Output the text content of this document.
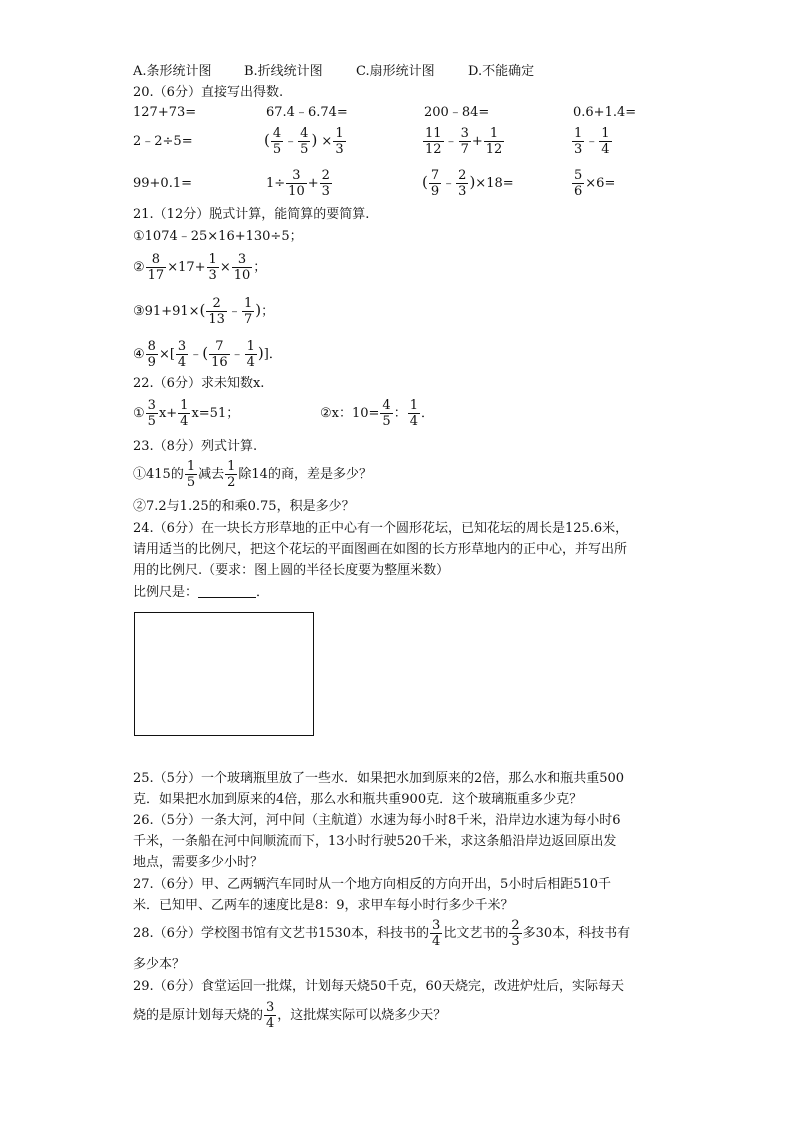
A.条形统计图 B.折线统计图	C.扇形统计图	D.不能确定
20.（6分）直接写出得数.
127+73=	67.4﹣6.74=	200﹣84=	0.6+1.4=
2﹣2÷5=	( $\frac{4}{5}$ ﹣ $\frac{4}{5}$ ) × $\frac{1}{3}$	$\frac{11}{12}$ ﹣ $\frac{3}{7} + \frac{1}{12}$	$\frac{1}{3}$ ﹣ $\frac{1}{4}$
99+0.1=	$1\div \frac{3}{10} + \frac{2}{3}$	( $\frac{7}{9}$ ﹣ $\frac{2}{3} )\times 18=$	$\frac{5}{6} \times 6=$
21.（12分）脱式计算，能简算的要简算.
①1074﹣25×16+130÷5；
② $\frac{8}{17} \times 17+ \frac{1}{3} \times \frac{3}{10}$ ；
③91+91×( $\frac{2}{13}$ ﹣ $\frac{1}{7}$ )；
④ $\frac{8}{9}$ ×[ $\frac{3}{4}$ ﹣( $\frac{7}{16}$ ﹣ $\frac{1}{4}$ )]．
22.（6分）求未知数x.
① $\frac{3}{5} x+ \frac{1}{4} x=51$；	②x：$10= \frac{4}{5}$ ： $\frac{1}{4}$ ．
23.（8分）列式计算.
①415的 $\frac{1}{5}$ 减去 $\frac{1}{2}$ 除14的商，差是多少？
②7.2与1.25的和乘0.75，积是多少？
24.（6分）在一块长方形草地的正中心有一个圆形花坛，已知花坛的周长是125.6米，
请用适当的比例尺，把这个花坛的平面图画在如图的长方形草地内的正中心，并写出所
用的比例尺.（要求：图上圆的半径长度要为整厘米数）
比例尺是：	．
25.（5分）一个玻璃瓶里放了一些水．如果把水加到原来的2倍，那么水和瓶共重500
克．如果把水加到原来的4倍，那么水和瓶共重900克．这个玻璃瓶重多少克？
26.（5分）一条大河，河中间（主航道）水速为每小时8千米，沿岸边水速为每小时6
千米，一条船在河中间顺流而下，13小时行驶520千米，求这条船沿岸边返回原出发
地点，需要多少小时？
27.（6分）甲、乙两辆汽车同时从一个地方向相反的方向开出，5小时后相距510千
米．已知甲、乙两车的速度比是8：9，求甲车每小时行多少千米？
28.（6分）学校图书馆有文艺书1530本，科技书的 $\frac{3}{4}$ 比文艺书的 $\frac{2}{3}$ 多30本，科技书有
多少本？
29.（6分）食堂运回一批煤，计划每天烧50千克，60天烧完，改进炉灶后，实际每天
烧的是原计划每天烧的 $\frac{3}{4}$ ，这批煤实际可以烧多少天？
